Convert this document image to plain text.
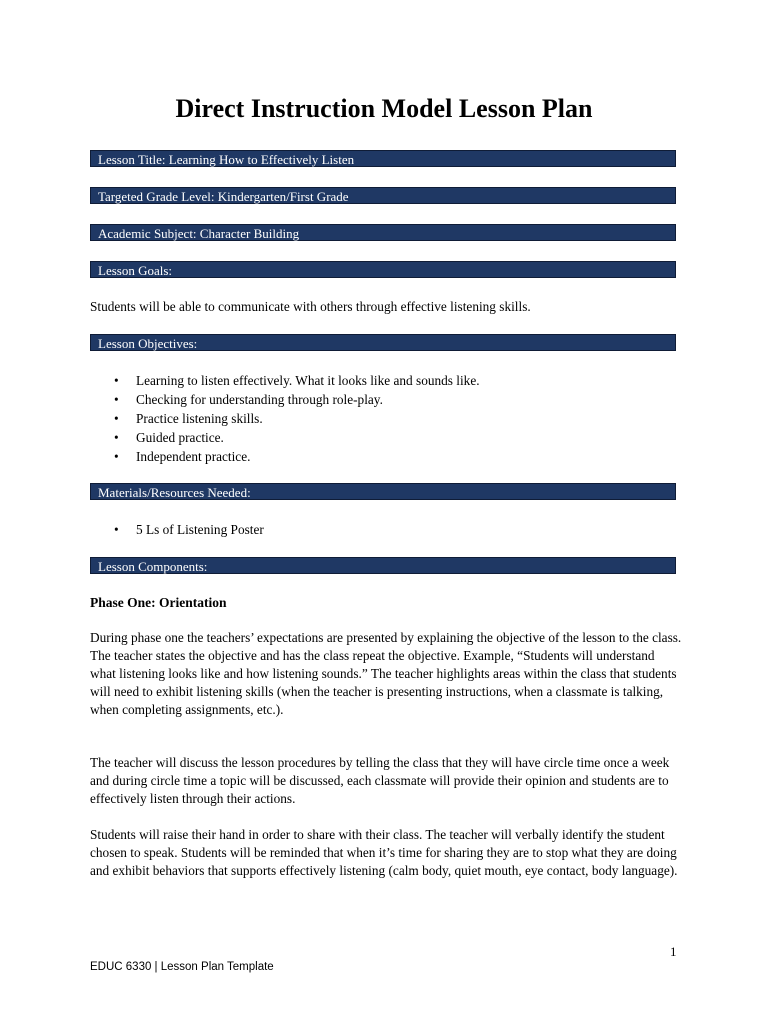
Direct Instruction Model Lesson Plan
Lesson Title: Learning How to Effectively Listen
Targeted Grade Level: Kindergarten/First Grade
Academic Subject: Character Building
Lesson Goals:
Students will be able to communicate with others through effective listening skills.
Lesson Objectives:
• Learning to listen effectively. What it looks like and sounds like.
• Checking for understanding through role-play.
• Practice listening skills.
• Guided practice.
• Independent practice.
Materials/Resources Needed:
• 5 Ls of Listening Poster
Lesson Components:
Phase One: Orientation
During phase one the teachers’ expectations are presented by explaining the objective of the lesson to the class. The teacher states the objective and has the class repeat the objective. Example, “Students will understand what listening looks like and how listening sounds.” The teacher highlights areas within the class that students will need to exhibit listening skills (when the teacher is presenting instructions, when a classmate is talking, when completing assignments, etc.).
The teacher will discuss the lesson procedures by telling the class that they will have circle time once a week and during circle time a topic will be discussed, each classmate will provide their opinion and students are to effectively listen through their actions.
Students will raise their hand in order to share with their class. The teacher will verbally identify the student chosen to speak. Students will be reminded that when it’s time for sharing they are to stop what they are doing and exhibit behaviors that supports effectively listening (calm body, quiet mouth, eye contact, body language).
1
EDUC 6330 | Lesson Plan Template
